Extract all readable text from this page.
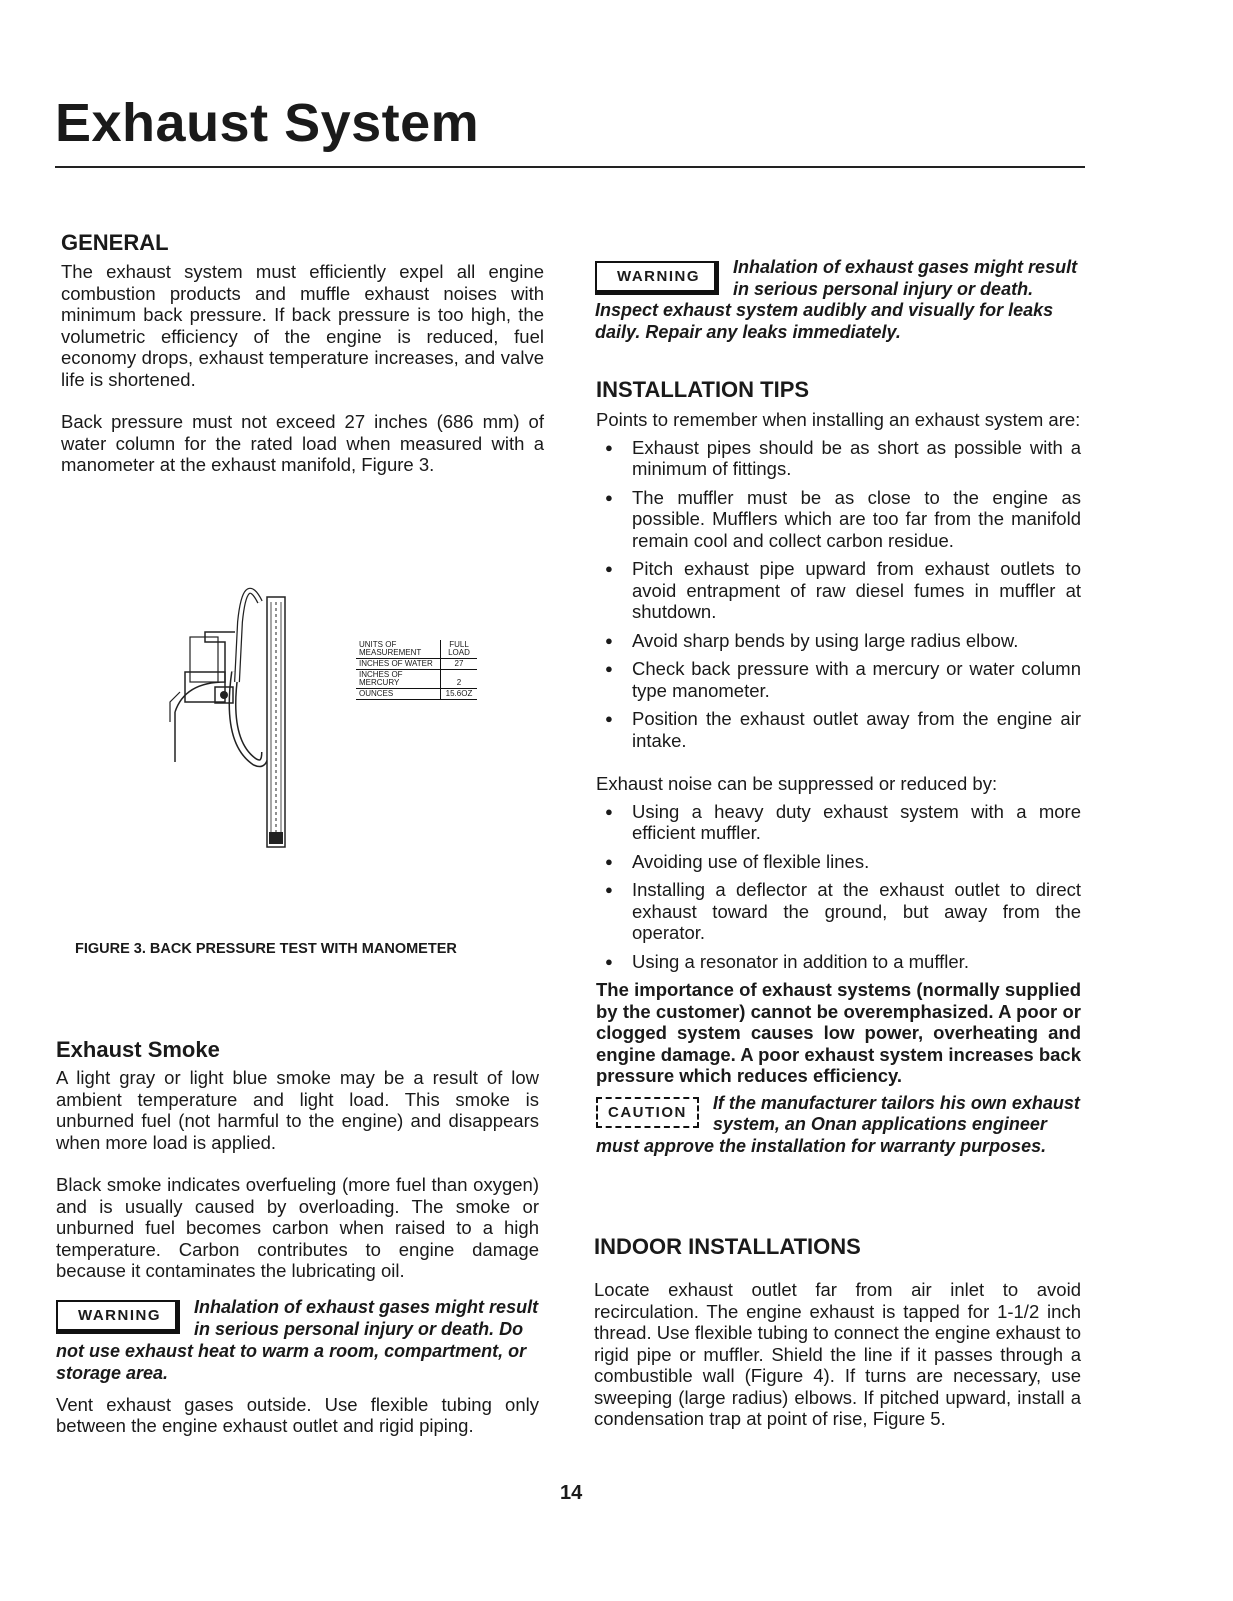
Exhaust System
GENERAL

The exhaust system must efficiently expel all engine combustion products and muffle exhaust noises with minimum back pressure. If back pressure is too high, the volumetric efficiency of the engine is reduced, fuel economy drops, exhaust temperature increases, and valve life is shortened.

Back pressure must not exceed 27 inches (686 mm) of water column for the rated load when measured with a manometer at the exhaust manifold, Figure 3.

UNITS OF MEASUREMENT	FULL LOAD
INCHES OF WATER	27
INCHES OF MERCURY	2
OUNCES	15.6OZ

FIGURE 3. BACK PRESSURE TEST WITH MANOMETER

Exhaust Smoke

A light gray or light blue smoke may be a result of low ambient temperature and light load. This smoke is unburned fuel (not harmful to the engine) and disappears when more load is applied.

Black smoke indicates overfueling (more fuel than oxygen) and is usually caused by overloading. The smoke or unburned fuel becomes carbon when raised to a high temperature. Carbon contributes to engine damage because it contaminates the lubricating oil.

WARNING	Inhalation of exhaust gases might result in serious personal injury or death. Do not use exhaust heat to warm a room, compartment, or storage area.

Vent exhaust gases outside. Use flexible tubing only between the engine exhaust outlet and rigid piping.

WARNING	Inhalation of exhaust gases might result in serious personal injury or death. Inspect exhaust system audibly and visually for leaks daily. Repair any leaks immediately.
INSTALLATION TIPS

Points to remember when installing an exhaust system are:

● Exhaust pipes should be as short as possible with a minimum of fittings.
● The muffler must be as close to the engine as possible. Mufflers which are too far from the manifold remain cool and collect carbon residue.
● Pitch exhaust pipe upward from exhaust outlets to avoid entrapment of raw diesel fumes in muffler at shutdown.
● Avoid sharp bends by using large radius elbow.
● Check back pressure with a mercury or water column type manometer.
● Position the exhaust outlet away from the engine air intake.

Exhaust noise can be suppressed or reduced by:

● Using a heavy duty exhaust system with a more efficient muffler.
● Avoiding use of flexible lines.
● Installing a deflector at the exhaust outlet to direct exhaust toward the ground, but away from the operator.
● Using a resonator in addition to a muffler.

The importance of exhaust systems (normally supplied by the customer) cannot be overemphasized. A poor or clogged system causes low power, overheating and engine damage. A poor exhaust system increases back pressure which reduces efficiency.

CAUTION	If the manufacturer tailors his own exhaust system, an Onan applications engineer must approve the installation for warranty purposes.
INDOOR INSTALLATIONS

Locate exhaust outlet far from air inlet to avoid recirculation. The engine exhaust is tapped for 1-1/2 inch thread. Use flexible tubing to connect the engine exhaust to rigid pipe or muffler. Shield the line if it passes through a combustible wall (Figure 4). If turns are necessary, use sweeping (large radius) elbows. If pitched upward, install a condensation trap at point of rise, Figure 5.

14
